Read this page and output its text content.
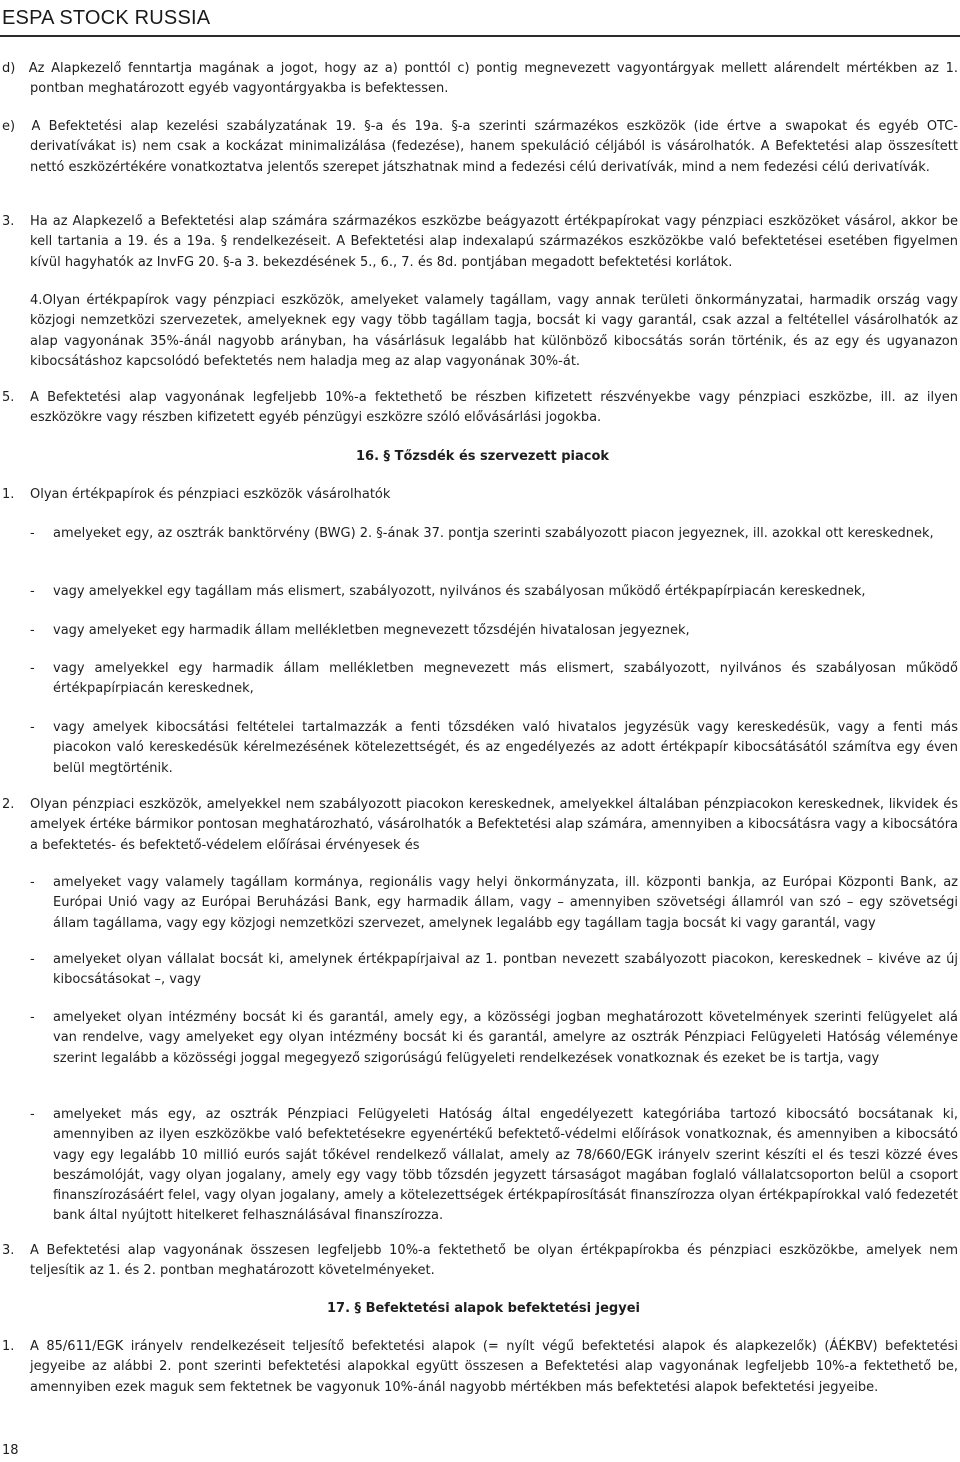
ESPA STOCK RUSSIA
d)  Az Alapkezelő fenntartja magának a jogot, hogy az a) ponttól c) pontig megnevezett vagyontárgyak mellett alárendelt mértékben az 1. pontban meghatározott egyéb vagyontárgyakba is befektessen.
e)  A Befektetési alap kezelési szabályzatának 19. §-a és 19a. §-a szerinti származékos eszközök (ide értve a swapokat és egyéb OTC-derivatívákat is) nem csak a kockázat minimalizálása (fedezése), hanem spekuláció céljából is vásárolhatók. A Befektetési alap összesített nettó eszközértékére vonatkoztatva jelentős szerepet játszhatnak mind a fedezési célú derivatívák, mind a nem fedezési célú derivatívák.
3. Ha az Alapkezelő a Befektetési alap számára származékos eszközbe beágyazott értékpapírokat vagy pénzpiaci eszközöket vásárol, akkor be kell tartania a 19. és a 19a. § rendelkezéseit. A Befektetési alap indexalapú származékos eszközökbe való befektetései esetében figyelmen kívül hagyhatók az InvFG 20. §-a 3. bekezdésének 5., 6., 7. és 8d. pontjában megadott befektetési korlátok.
4.Olyan értékpapírok vagy pénzpiaci eszközök, amelyeket valamely tagállam, vagy annak területi önkormányzatai, harmadik ország vagy közjogi nemzetközi szervezetek, amelyeknek egy vagy több tagállam tagja, bocsát ki vagy garantál, csak azzal a feltétellel vásárolhatók az alap vagyonának 35%-ánál nagyobb arányban, ha vásárlásuk legalább hat különböző kibocsátás során történik, és az egy és ugyanazon kibocsátáshoz kapcsolódó befektetés nem haladja meg az alap vagyonának 30%-át.
5. A Befektetési alap vagyonának legfeljebb 10%-a fektethető be részben kifizetett részvényekbe vagy pénzpiaci eszközbe, ill. az ilyen eszközökre vagy részben kifizetett egyéb pénzügyi eszközre szóló elővásárlási jogokba.
16. § Tőzsdék és szervezett piacok
1. Olyan értékpapírok és pénzpiaci eszközök vásárolhatók
- amelyeket egy, az osztrák banktörvény (BWG) 2. §-ának 37. pontja szerinti szabályozott piacon jegyeznek, ill. azokkal ott kereskednek,
- vagy amelyekkel egy tagállam más elismert, szabályozott, nyilvános és szabályosan működő értékpapírpiacán kereskednek,
- vagy amelyeket egy harmadik állam mellékletben megnevezett tőzsdéjén hivatalosan jegyeznek,
- vagy amelyekkel egy harmadik állam mellékletben megnevezett más elismert, szabályozott, nyilvános és szabályosan működő értékpapírpiacán kereskednek,
- vagy amelyek kibocsátási feltételei tartalmazzák a fenti tőzsdéken való hivatalos jegyzésük vagy kereskedésük, vagy a fenti más piacokon való kereskedésük kérelmezésének kötelezettségét, és az engedélyezés az adott értékpapír kibocsátásától számítva egy éven belül megtörténik.
2. Olyan pénzpiaci eszközök, amelyekkel nem szabályozott piacokon kereskednek, amelyekkel általában pénzpiacokon kereskednek, likvidek és amelyek értéke bármikor pontosan meghatározható, vásárolhatók a Befektetési alap számára, amennyiben a kibocsátásra vagy a kibocsátóra a befektetés- és befektető-védelem előírásai érvényesek és
- amelyeket vagy valamely tagállam kormánya, regionális vagy helyi önkormányzata, ill. központi bankja, az Európai Központi Bank, az Európai Unió vagy az Európai Beruházási Bank, egy harmadik állam, vagy – amennyiben szövetségi államról van szó – egy szövetségi állam tagállama, vagy egy közjogi nemzetközi szervezet, amelynek legalább egy tagállam tagja bocsát ki vagy garantál, vagy
- amelyeket olyan vállalat bocsát ki, amelynek értékpapírjaival az 1. pontban nevezett szabályozott piacokon, kereskednek – kivéve az új kibocsátásokat –, vagy
- amelyeket olyan intézmény bocsát ki és garantál, amely egy, a közösségi jogban meghatározott követelmények szerinti felügyelet alá van rendelve, vagy amelyeket egy olyan intézmény bocsát ki és garantál, amelyre az osztrák Pénzpiaci Felügyeleti Hatóság véleménye szerint legalább a közösségi joggal megegyező szigorúságú felügyeleti rendelkezések vonatkoznak és ezeket be is tartja, vagy
- amelyeket más egy, az osztrák Pénzpiaci Felügyeleti Hatóság által engedélyezett kategóriába tartozó kibocsátó bocsátanak ki, amennyiben az ilyen eszközökbe való befektetésekre egyenértékű befektető-védelmi előírások vonatkoznak, és amennyiben a kibocsátó vagy egy legalább 10 millió eurós saját tőkével rendelkező vállalat, amely az 78/660/EGK irányelv szerint készíti el és teszi közzé éves beszámolóját, vagy olyan jogalany, amely egy vagy több tőzsdén jegyzett társaságot magában foglaló vállalatcsoporton belül a csoport finanszírozásáért felel, vagy olyan jogalany, amely a kötelezettségek értékpapírosítását finanszírozza olyan értékpapírokkal való fedezetét bank által nyújtott hitelkeret felhasználásával finanszírozza.
3. A Befektetési alap vagyonának összesen legfeljebb 10%-a fektethető be olyan értékpapírokba és pénzpiaci eszközökbe, amelyek nem teljesítik az 1. és 2. pontban meghatározott követelményeket.
17. § Befektetési alapok befektetési jegyei
1. A 85/611/EGK irányelv rendelkezéseit teljesítő befektetési alapok (= nyílt végű befektetési alapok és alapkezelők) (ÁÉKBV) befektetési jegyeibe az alábbi 2. pont szerinti befektetési alapokkal együtt összesen a Befektetési alap vagyonának legfeljebb 10%-a fektethető be, amennyiben ezek maguk sem fektetnek be vagyonuk 10%-ánál nagyobb mértékben más befektetési alapok befektetési jegyeibe.
18
